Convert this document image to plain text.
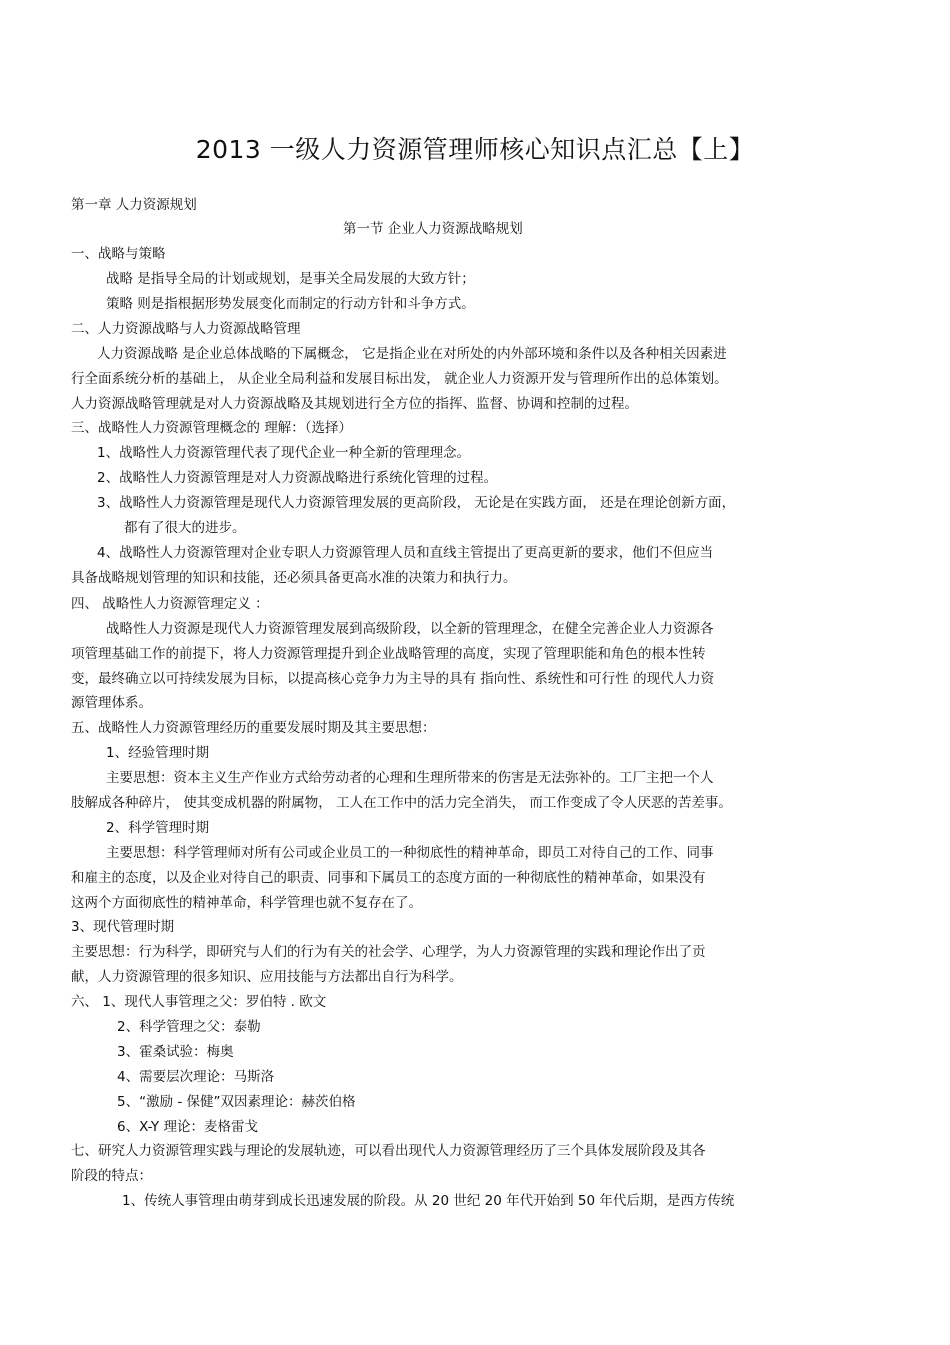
2013 一级人力资源管理师核心知识点汇总【上】
第一章 人力资源规划
第一节 企业人力资源战略规划
一、战略与策略
战略 是指导全局的计划或规划，是事关全局发展的大致方针；
策略 则是指根据形势发展变化而制定的行动方针和斗争方式。
二、人力资源战略与人力资源战略管理
人力资源战略 是企业总体战略的下属概念， 它是指企业在对所处的内外部环境和条件以及各种相关因素进
行全面系统分析的基础上， 从企业全局利益和发展目标出发， 就企业人力资源开发与管理所作出的总体策划。
人力资源战略管理就是对人力资源战略及其规划进行全方位的指挥、监督、协调和控制的过程。
三、战略性人力资源管理概念的 理解：（选择）
1、战略性人力资源管理代表了现代企业一种全新的管理理念。
2、战略性人力资源管理是对人力资源战略进行系统化管理的过程。
3、战略性人力资源管理是现代人力资源管理发展的更高阶段， 无论是在实践方面， 还是在理论创新方面，
都有了很大的进步。
4、战略性人力资源管理对企业专职人力资源管理人员和直线主管提出了更高更新的要求，他们不但应当
具备战略规划管理的知识和技能，还必须具备更高水准的决策力和执行力。
四、 战略性人力资源管理定义 ：
战略性人力资源是现代人力资源管理发展到高级阶段，以全新的管理理念，在健全完善企业人力资源各
项管理基础工作的前提下，将人力资源管理提升到企业战略管理的高度，实现了管理职能和角色的根本性转
变，最终确立以可持续发展为目标，以提高核心竞争力为主导的具有 指向性、系统性和可行性 的现代人力资
源管理体系。
五、战略性人力资源管理经历的重要发展时期及其主要思想：
1、经验管理时期
主要思想：资本主义生产作业方式给劳动者的心理和生理所带来的伤害是无法弥补的。工厂主把一个人
肢解成各种碎片， 使其变成机器的附属物， 工人在工作中的活力完全消失， 而工作变成了令人厌恶的苦差事。
2、科学管理时期
主要思想：科学管理师对所有公司或企业员工的一种彻底性的精神革命，即员工对待自己的工作、同事
和雇主的态度，以及企业对待自己的职责、同事和下属员工的态度方面的一种彻底性的精神革命，如果没有
这两个方面彻底性的精神革命，科学管理也就不复存在了。
3、现代管理时期
主要思想：行为科学，即研究与人们的行为有关的社会学、心理学，为人力资源管理的实践和理论作出了贡
献，人力资源管理的很多知识、应用技能与方法都出自行为科学。
六、 1、现代人事管理之父：罗伯特 . 欧文
2、科学管理之父：泰勒
3、霍桑试验：梅奥
4、需要层次理论：马斯洛
5、“激励 - 保健”双因素理论：赫茨伯格
6、X-Y 理论：麦格雷戈
七、研究人力资源管理实践与理论的发展轨迹，可以看出现代人力资源管理经历了三个具体发展阶段及其各
阶段的特点：
1、传统人事管理由萌芽到成长迅速发展的阶段。从 20 世纪 20 年代开始到 50 年代后期，是西方传统
